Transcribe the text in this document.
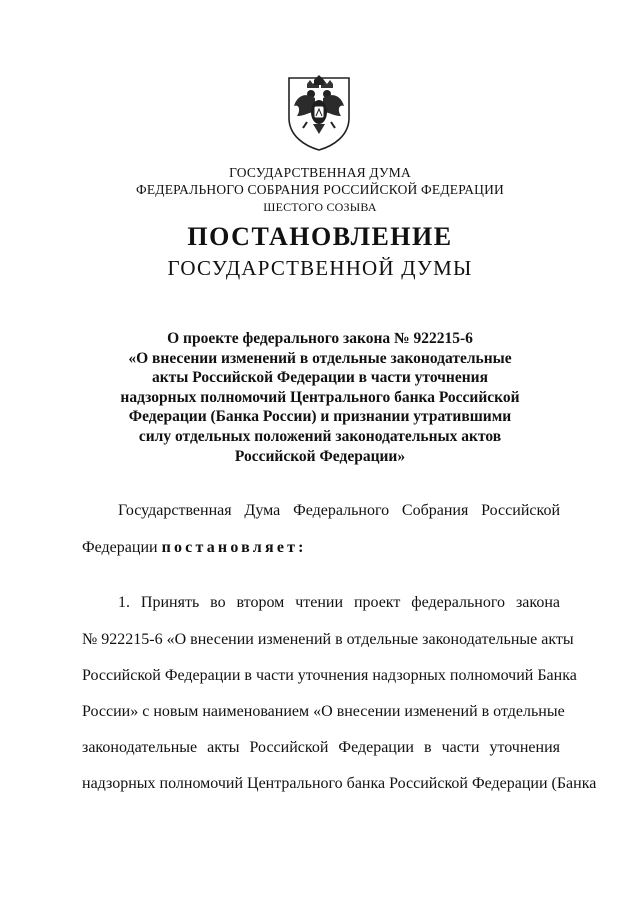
ГОСУДАРСТВЕННАЯ ДУМА
ФЕДЕРАЛЬНОГО СОБРАНИЯ РОССИЙСКОЙ ФЕДЕРАЦИИ
ШЕСТОГО СОЗЫВА
ПОСТАНОВЛЕНИЕ
ГОСУДАРСТВЕННОЙ ДУМЫ
О проекте федерального закона № 922215-6
«О внесении изменений в отдельные законодательные
акты Российской Федерации в части уточнения
надзорных полномочий Центрального банка Российской
Федерации (Банка России) и признании утратившими
силу отдельных положений законодательных актов
Российской Федерации»
Государственная Дума Федерального Собрания Российской
Федерации постановляет:
1. Принять во втором чтении проект федерального закона
№ 922215-6 «О внесении изменений в отдельные законодательные акты
Российской Федерации в части уточнения надзорных полномочий Банка
России» с новым наименованием «О внесении изменений в отдельные
законодательные акты Российской Федерации в части уточнения
надзорных полномочий Центрального банка Российской Федерации (Банка
